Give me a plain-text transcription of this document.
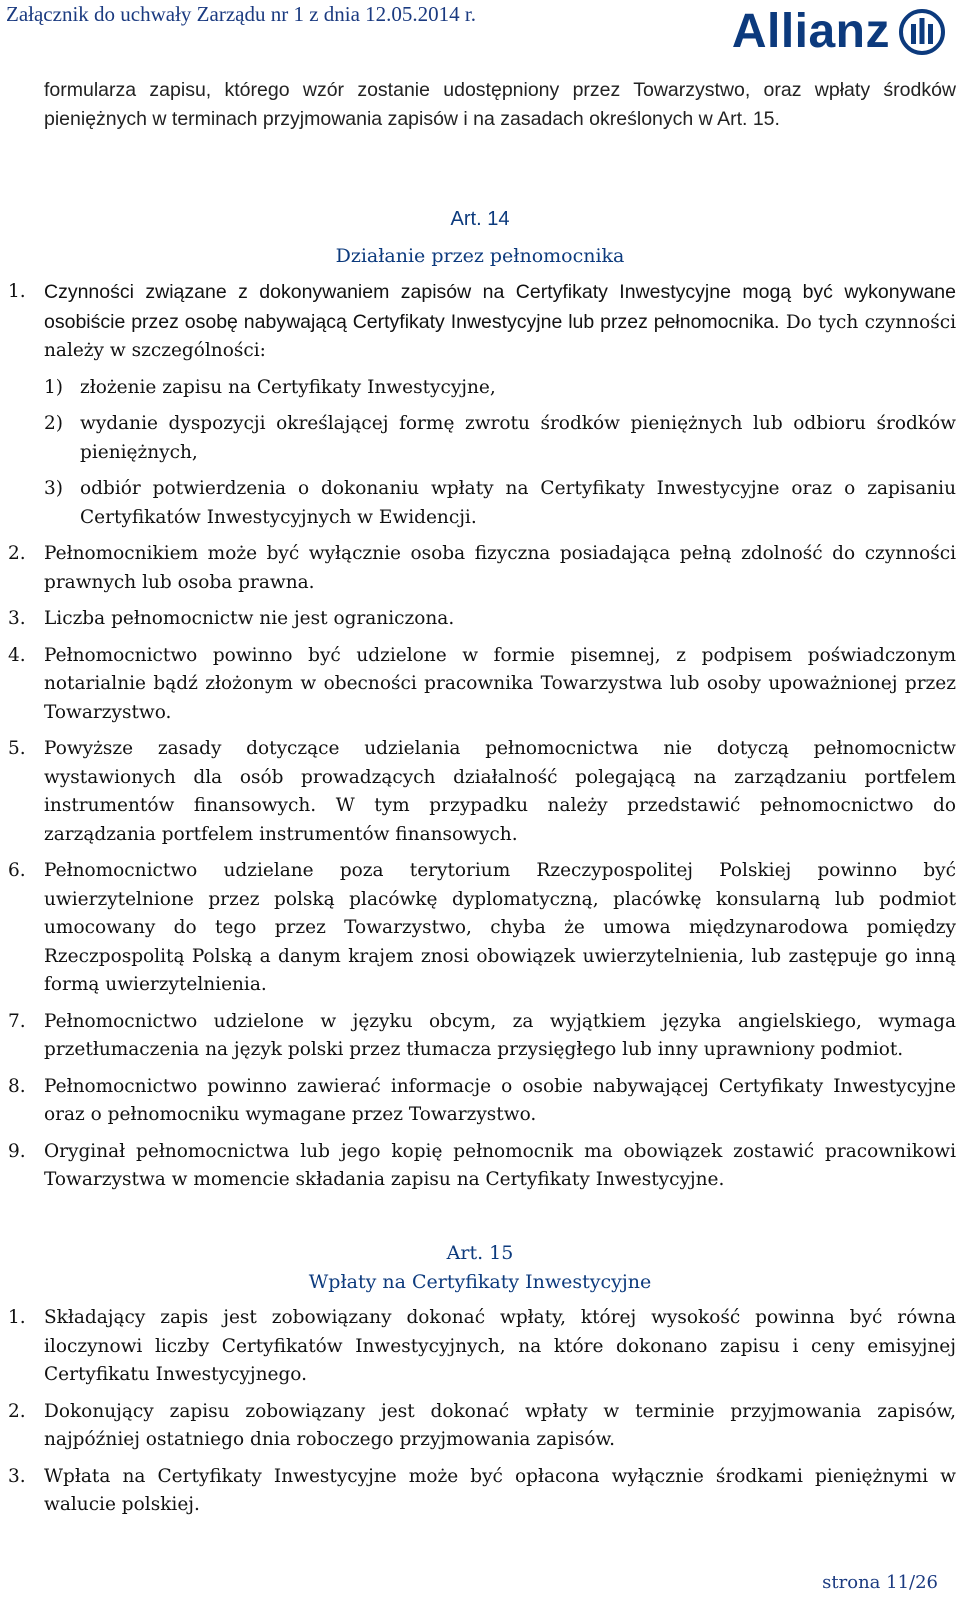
Załącznik do uchwały Zarządu nr 1 z dnia 12.05.2014 r.	Allianz
formularza zapisu, którego wzór zostanie udostępniony przez Towarzystwo, oraz wpłaty środków pieniężnych w terminach przyjmowania zapisów i na zasadach określonych w Art. 15.
Art. 14
Działanie przez pełnomocnika
1. Czynności związane z dokonywaniem zapisów na Certyfikaty Inwestycyjne mogą być wykonywane osobiście przez osobę nabywającą Certyfikaty Inwestycyjne lub przez pełnomocnika. Do tych czynności należy w szczególności:
1) złożenie zapisu na Certyfikaty Inwestycyjne,
2) wydanie dyspozycji określającej formę zwrotu środków pieniężnych lub odbioru środków pieniężnych,
3) odbiór potwierdzenia o dokonaniu wpłaty na Certyfikaty Inwestycyjne oraz o zapisaniu Certyfikatów Inwestycyjnych w Ewidencji.
2. Pełnomocnikiem może być wyłącznie osoba fizyczna posiadająca pełną zdolność do czynności prawnych lub osoba prawna.
3. Liczba pełnomocnictw nie jest ograniczona.
4. Pełnomocnictwo powinno być udzielone w formie pisemnej, z podpisem poświadczonym notarialnie bądź złożonym w obecności pracownika Towarzystwa lub osoby upoważnionej przez Towarzystwo.
5. Powyższe zasady dotyczące udzielania pełnomocnictwa nie dotyczą pełnomocnictw wystawionych dla osób prowadzących działalność polegającą na zarządzaniu portfelem instrumentów finansowych. W tym przypadku należy przedstawić pełnomocnictwo do zarządzania portfelem instrumentów finansowych.
6. Pełnomocnictwo udzielane poza terytorium Rzeczypospolitej Polskiej powinno być uwierzytelnione przez polską placówkę dyplomatyczną, placówkę konsularną lub podmiot umocowany do tego przez Towarzystwo, chyba że umowa międzynarodowa pomiędzy Rzeczpospolitą Polską a danym krajem znosi obowiązek uwierzytelnienia, lub zastępuje go inną formą uwierzytelnienia.
7. Pełnomocnictwo udzielone w języku obcym, za wyjątkiem języka angielskiego, wymaga przetłumaczenia na język polski przez tłumacza przysięgłego lub inny uprawniony podmiot.
8. Pełnomocnictwo powinno zawierać informacje o osobie nabywającej Certyfikaty Inwestycyjne oraz o pełnomocniku wymagane przez Towarzystwo.
9. Oryginał pełnomocnictwa lub jego kopię pełnomocnik ma obowiązek zostawić pracownikowi Towarzystwa w momencie składania zapisu na Certyfikaty Inwestycyjne.
Art. 15
Wpłaty na Certyfikaty Inwestycyjne
1. Składający zapis jest zobowiązany dokonać wpłaty, której wysokość powinna być równa iloczynowi liczby Certyfikatów Inwestycyjnych, na które dokonano zapisu i ceny emisyjnej Certyfikatu Inwestycyjnego.
2. Dokonujący zapisu zobowiązany jest dokonać wpłaty w terminie przyjmowania zapisów, najpóźniej ostatniego dnia roboczego przyjmowania zapisów.
3. Wpłata na Certyfikaty Inwestycyjne może być opłacona wyłącznie środkami pieniężnymi w walucie polskiej.
strona 11/26
